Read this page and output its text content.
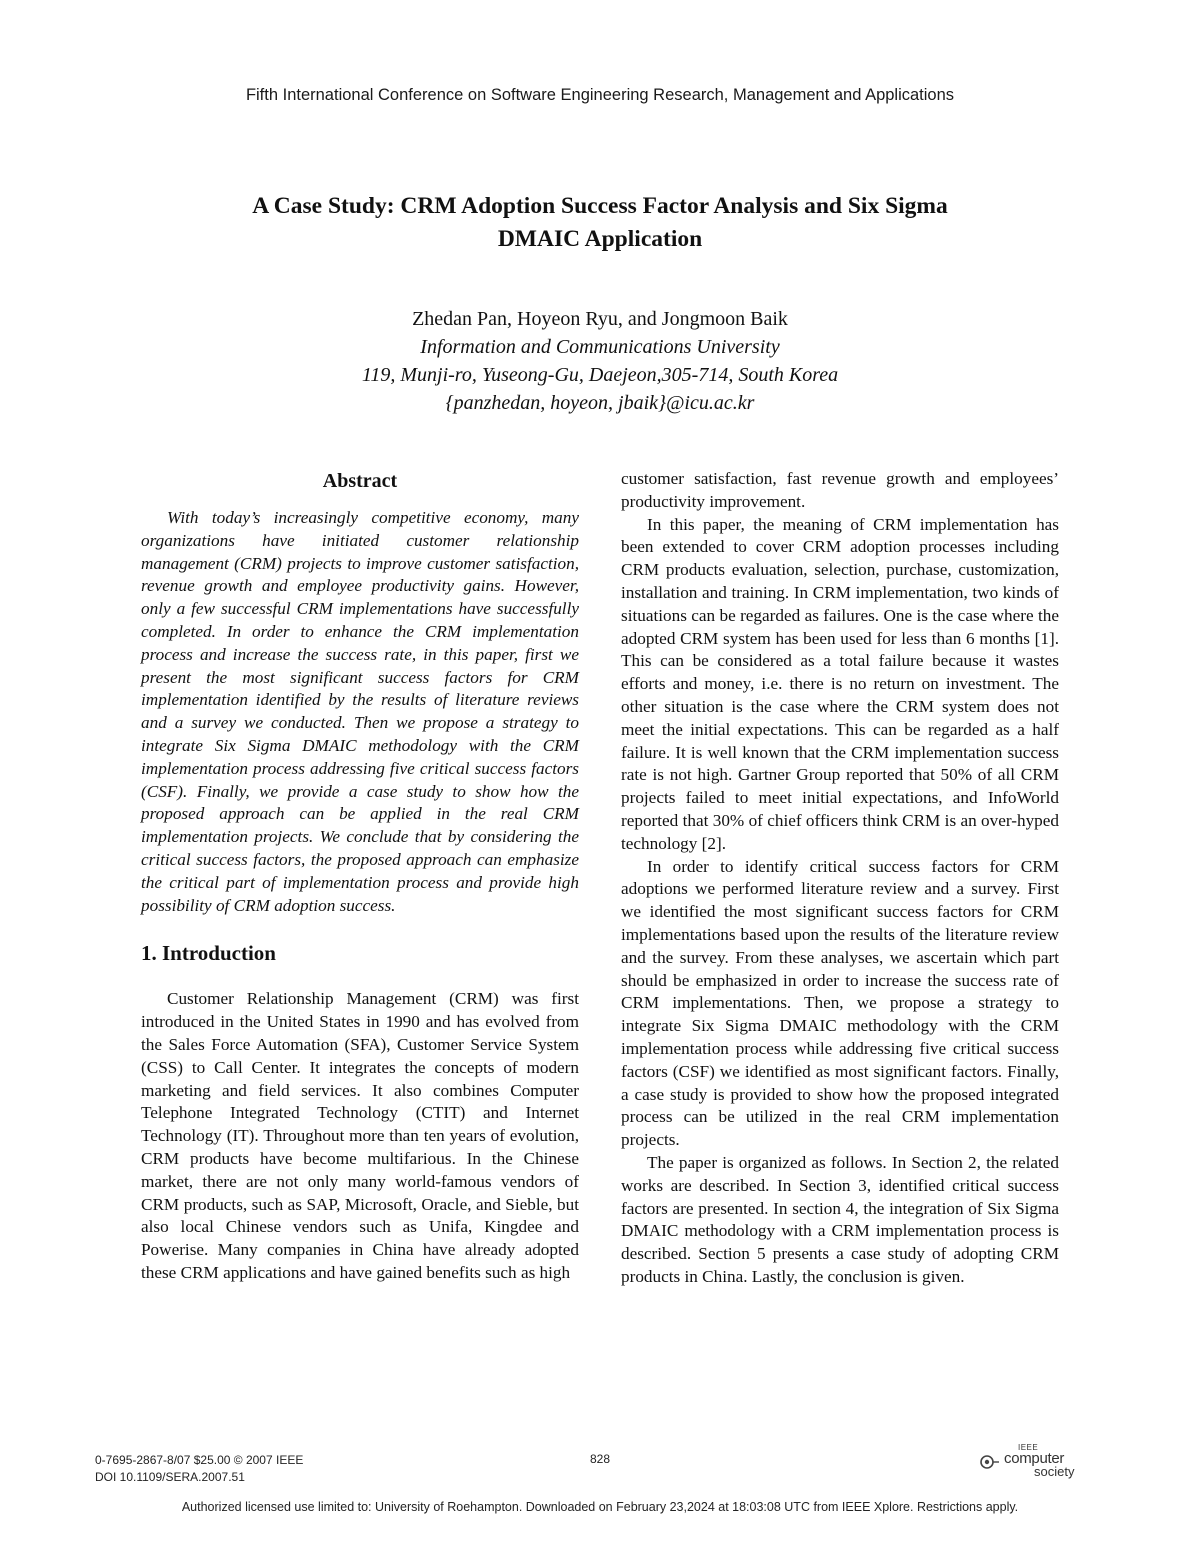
Fifth International Conference on Software Engineering Research, Management and Applications
A Case Study: CRM Adoption Success Factor Analysis and Six Sigma
DMAIC Application
Zhedan Pan, Hoyeon Ryu, and Jongmoon Baik
Information and Communications University
119, Munji-ro, Yuseong-Gu, Daejeon,305-714, South Korea
{panzhedan, hoyeon, jbaik}@icu.ac.kr
Abstract

With today’s increasingly competitive economy, many organizations have initiated customer relationship management (CRM) projects to improve customer satisfaction, revenue growth and employee productivity gains. However, only a few successful CRM implementations have successfully completed. In order to enhance the CRM implementation process and increase the success rate, in this paper, first we present the most significant success factors for CRM implementation identified by the results of literature reviews and a survey we conducted. Then we propose a strategy to integrate Six Sigma DMAIC methodology with the CRM implementation process addressing five critical success factors (CSF). Finally, we provide a case study to show how the proposed approach can be applied in the real CRM implementation projects. We conclude that by considering the critical success factors, the proposed approach can emphasize the critical part of implementation process and provide high possibility of CRM adoption success.

1. Introduction

Customer Relationship Management (CRM) was first introduced in the United States in 1990 and has evolved from the Sales Force Automation (SFA), Customer Service System (CSS) to Call Center. It integrates the concepts of modern marketing and field services. It also combines Computer Telephone Integrated Technology (CTIT) and Internet Technology (IT). Throughout more than ten years of evolution, CRM products have become multifarious. In the Chinese market, there are not only many world-famous vendors of CRM products, such as SAP, Microsoft, Oracle, and Sieble, but also local Chinese vendors such as Unifa, Kingdee and Powerise. Many companies in China have already adopted these CRM applications and have gained benefits such as high

customer satisfaction, fast revenue growth and employees’ productivity improvement.

In this paper, the meaning of CRM implementation has been extended to cover CRM adoption processes including CRM products evaluation, selection, purchase, customization, installation and training. In CRM implementation, two kinds of situations can be regarded as failures. One is the case where the adopted CRM system has been used for less than 6 months [1]. This can be considered as a total failure because it wastes efforts and money, i.e. there is no return on investment. The other situation is the case where the CRM system does not meet the initial expectations. This can be regarded as a half failure. It is well known that the CRM implementation success rate is not high. Gartner Group reported that 50% of all CRM projects failed to meet initial expectations, and InfoWorld reported that 30% of chief officers think CRM is an over-hyped technology [2].

In order to identify critical success factors for CRM adoptions we performed literature review and a survey. First we identified the most significant success factors for CRM implementations based upon the results of the literature review and the survey. From these analyses, we ascertain which part should be emphasized in order to increase the success rate of CRM implementations. Then, we propose a strategy to integrate Six Sigma DMAIC methodology with the CRM implementation process while addressing five critical success factors (CSF) we identified as most significant factors. Finally, a case study is provided to show how the proposed integrated process can be utilized in the real CRM implementation projects.

The paper is organized as follows. In Section 2, the related works are described. In Section 3, identified critical success factors are presented. In section 4, the integration of Six Sigma DMAIC methodology with a CRM implementation process is described. Section 5 presents a case study of adopting CRM products in China. Lastly, the conclusion is given.

0-7695-2867-8/07 $25.00 © 2007 IEEE
DOI 10.1109/SERA.2007.51
828
IEEE
computer
society
Authorized licensed use limited to: University of Roehampton. Downloaded on February 23,2024 at 18:03:08 UTC from IEEE Xplore. Restrictions apply.
